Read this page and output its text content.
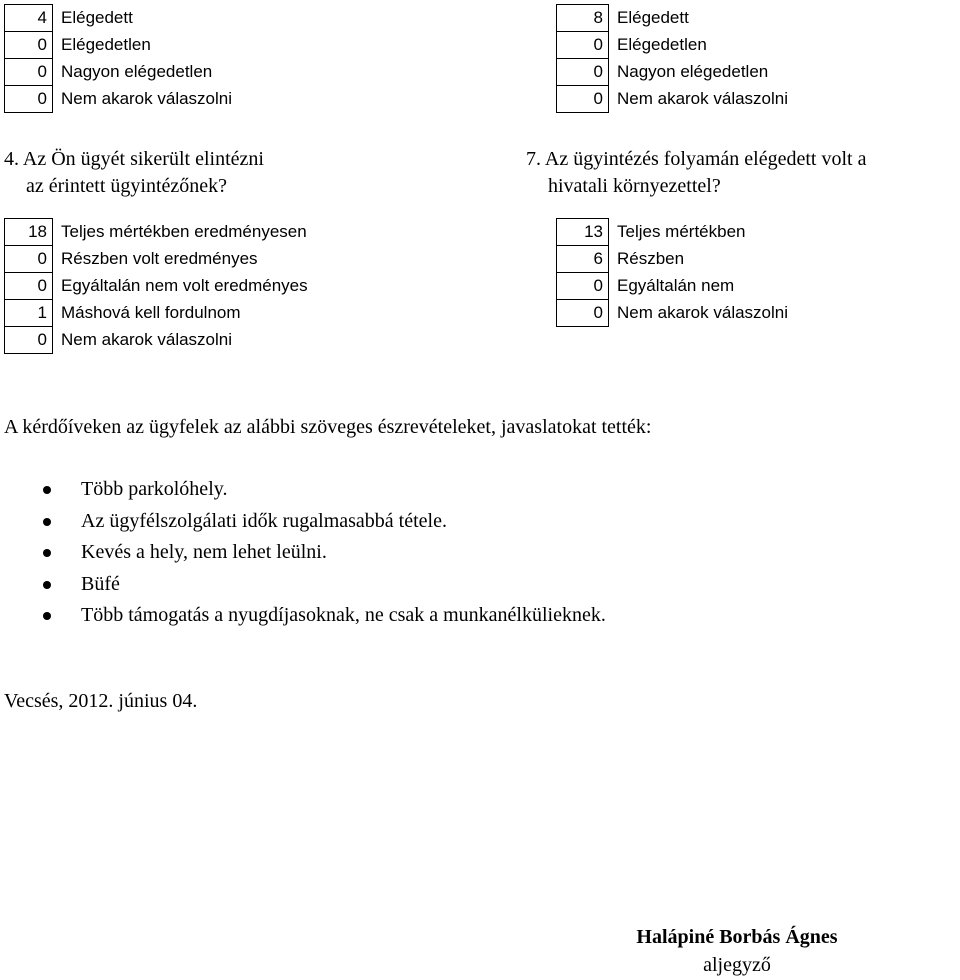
4	Elégedett
0	Elégedetlen
0	Nagyon elégedetlen
0	Nem akarok válaszolni
8	Elégedett
0	Elégedetlen
0	Nagyon elégedetlen
0	Nem akarok válaszolni
4. Az Ön ügyét sikerült elintézni
az érintett ügyintézőnek?
18	Teljes mértékben eredményesen
0	Részben volt eredményes
0	Egyáltalán nem volt eredményes
1	Máshová kell fordulnom
0	Nem akarok válaszolni
7. Az ügyintézés folyamán elégedett volt a
hivatali környezettel?
13	Teljes mértékben
6	Részben
0	Egyáltalán nem
0	Nem akarok válaszolni
A kérdőíveken az ügyfelek az alábbi szöveges észrevételeket, javaslatokat tették:
Több parkolóhely.
Az ügyfélszolgálati idők rugalmasabbá tétele.
Kevés a hely, nem lehet leülni.
Büfé
Több támogatás a nyugdíjasoknak, ne csak a munkanélkülieknek.
Vecsés, 2012. június 04.
Halápiné Borbás Ágnes
aljegyző
